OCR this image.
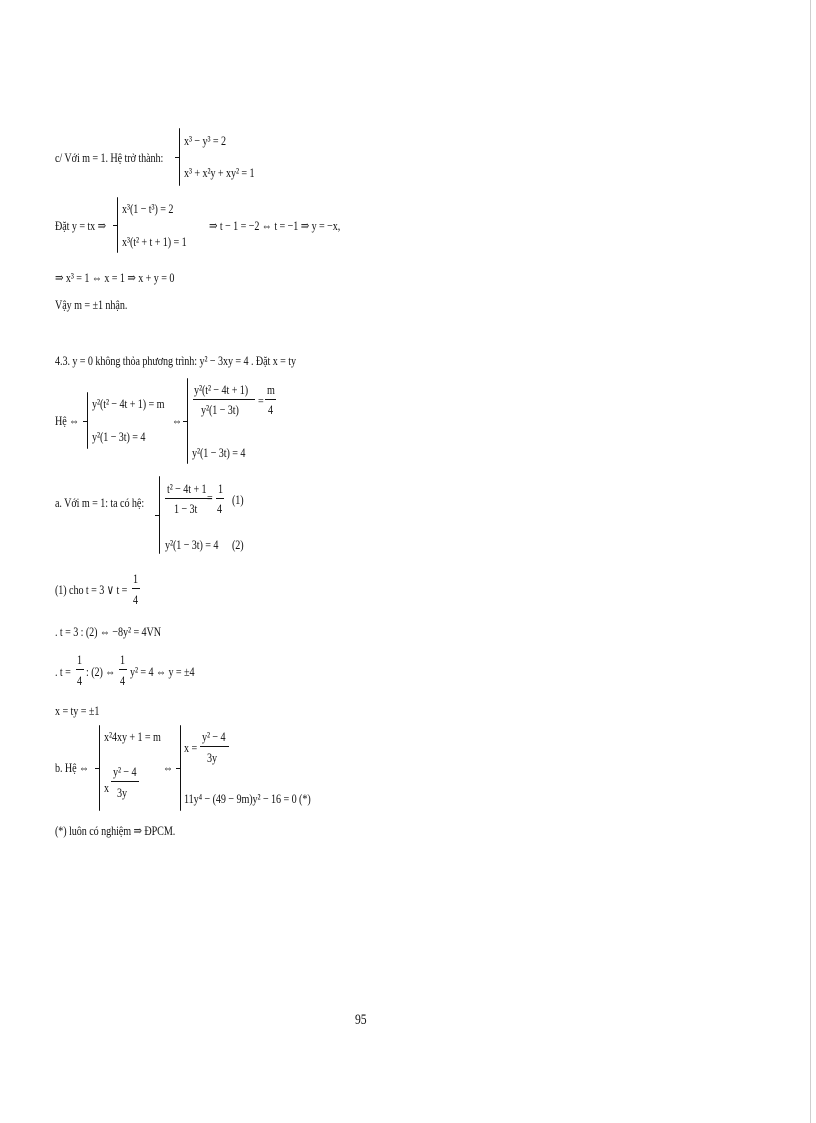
c/ Với m = 1. Hệ trở thành:
x³ − y³ = 2
x³ + x²y + xy² = 1
Đặt y = tx ⇒
x³(1 − t³) = 2
x³(t² + t + 1) = 1
⇒ t − 1 = −2 ⇔ t = −1 ⇒ y = −x,
⇒ x³ = 1 ⇔ x = 1 ⇒ x + y = 0
Vậy m = ±1 nhận.
4.3. y = 0 không thỏa phương trình: y² − 3xy = 4 . Đặt x = ty
Hệ ⇔
y²(t² − 4t + 1) = m
y²(1 − 3t) = 4
⇔
y²(t² − 4t + 1)
y²(1 − 3t)
=
m
4
y²(1 − 3t) = 4
a. Với m = 1: ta có hệ:
t² − 4t + 1
1 − 3t
=
1
4
(1)
y²(1 − 3t) = 4 (2)
(1) cho t = 3 ∨ t =
1
4
. t = 3 : (2) ⇔ −8y² = 4VN
. t =
1
4
: (2) ⇔
1
4
y² = 4 ⇔ y = ±4
x = ty = ±1
b. Hệ ⇔
x²4xy + 1 = m
x
y² − 4
3y
⇔
x =
y² − 4
3y
11y⁴ − (49 − 9m)y² − 16 = 0 (*)
(*) luôn có nghiệm ⇒ ĐPCM.
95
